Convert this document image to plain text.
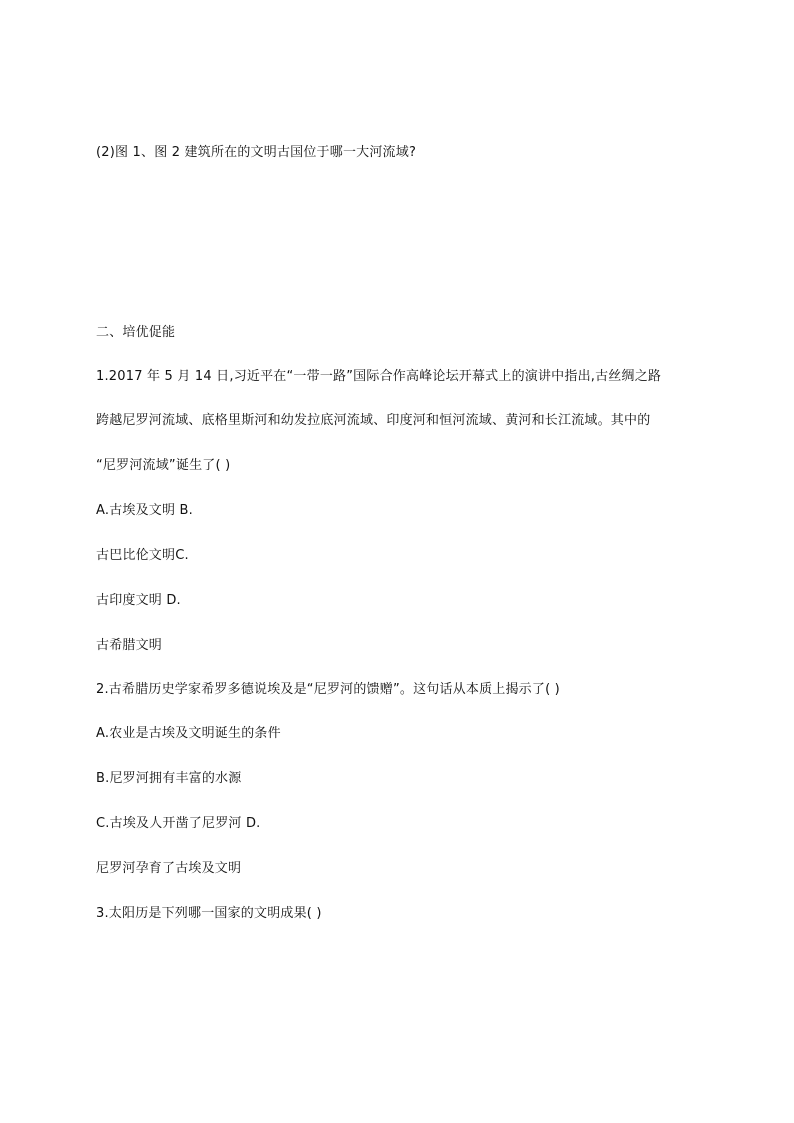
(2)图 1、图 2 建筑所在的文明古国位于哪一大河流域?
二、培优促能
1.2017 年 5 月 14 日,习近平在“一带一路”国际合作高峰论坛开幕式上的演讲中指出,古丝绸之路
跨越尼罗河流域、底格里斯河和幼发拉底河流域、印度河和恒河流域、黄河和长江流域。其中的
“尼罗河流域”诞生了( )
A.古埃及文明 B.
古巴比伦文明C.
古印度文明 D.
古希腊文明
2.古希腊历史学家希罗多德说埃及是“尼罗河的馈赠”。这句话从本质上揭示了( )
A.农业是古埃及文明诞生的条件
B.尼罗河拥有丰富的水源
C.古埃及人开凿了尼罗河 D.
尼罗河孕育了古埃及文明
3.太阳历是下列哪一国家的文明成果( )
